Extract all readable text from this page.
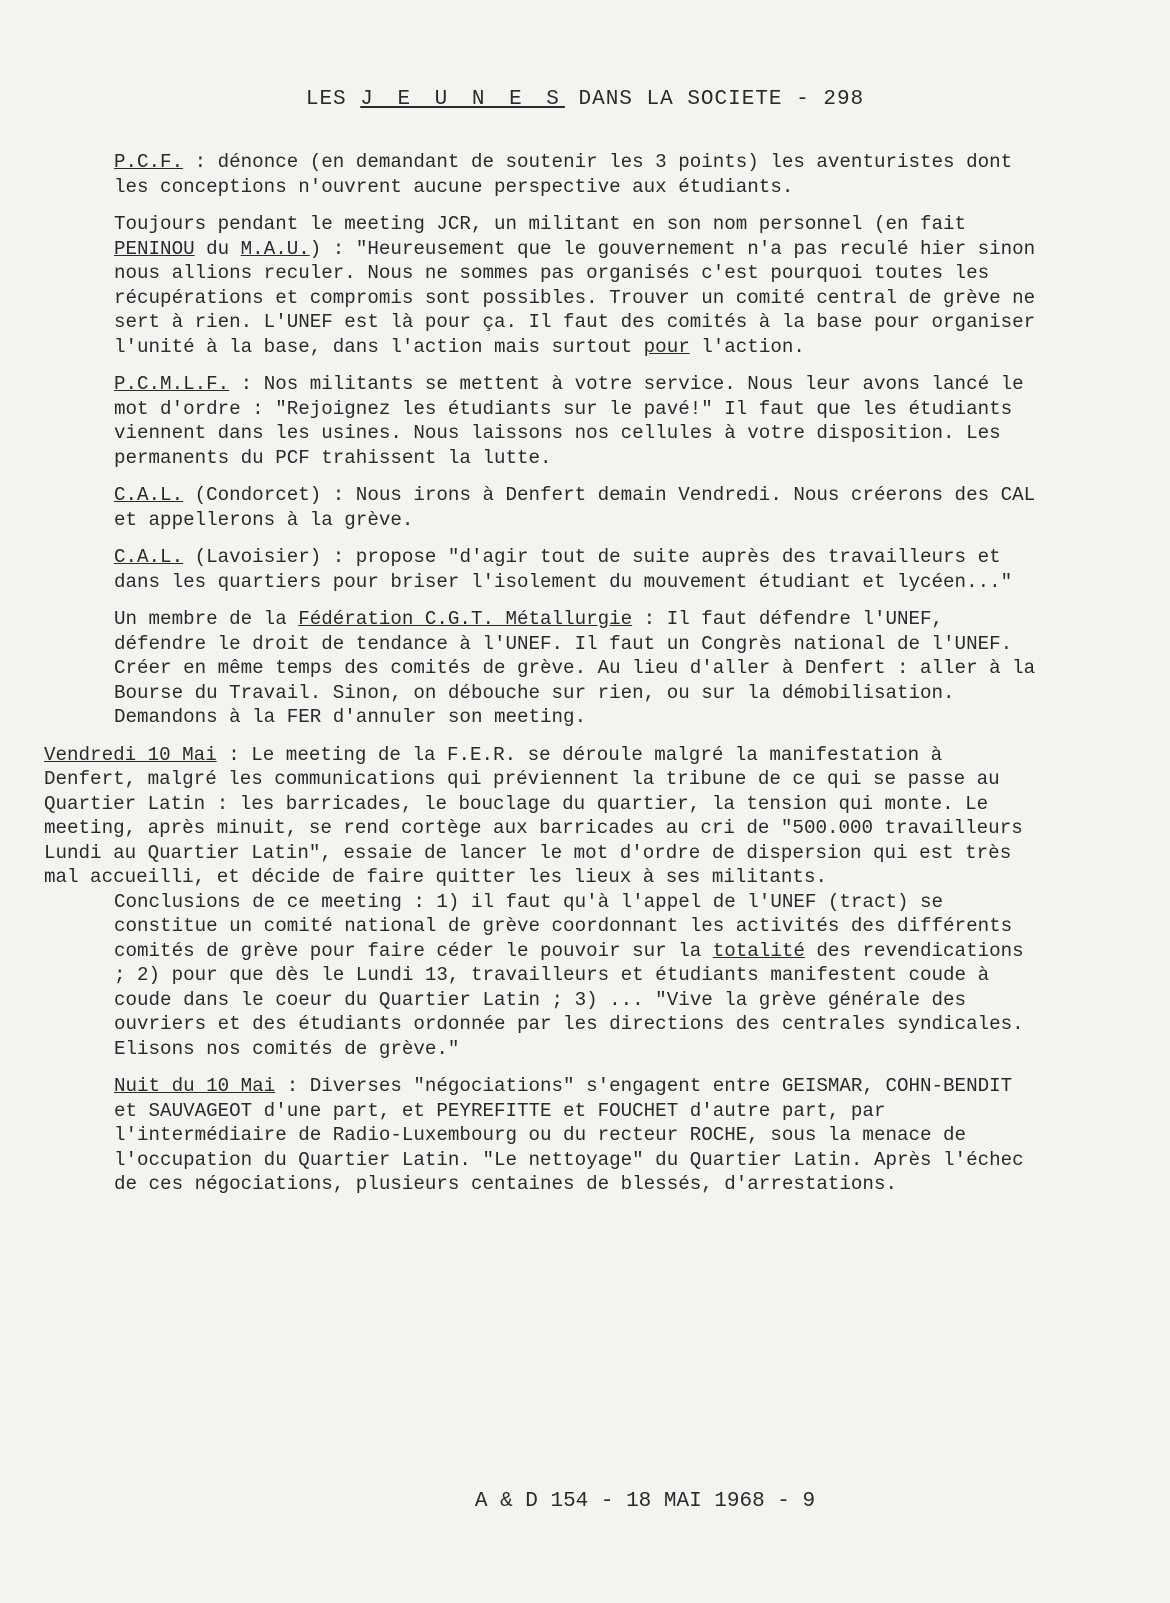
LES J E U N E S DANS LA SOCIETE - 298

P.C.F. : dénonce (en demandant de soutenir les 3 points) les aventuristes dont les conceptions n'ouvrent aucune perspective aux étudiants.

Toujours pendant le meeting JCR, un militant en son nom personnel (en fait PENINOU du M.A.U.) : "Heureusement que le gouvernement n'a pas reculé hier sinon nous allions reculer. Nous ne sommes pas organisés c'est pourquoi toutes les récupérations et compromis sont possibles. Trouver un comité central de grève ne sert à rien. L'UNEF est là pour ça. Il faut des comités à la base pour organiser l'unité à la base, dans l'action mais surtout pour l'action.

P.C.M.L.F. : Nos militants se mettent à votre service. Nous leur avons lancé le mot d'ordre : "Rejoignez les étudiants sur le pavé!" Il faut que les étudiants viennent dans les usines. Nous laissons nos cellules à votre disposition. Les permanents du PCF trahissent la lutte.

C.A.L. (Condorcet) : Nous irons à Denfert demain Vendredi. Nous créerons des CAL et appellerons à la grève.

C.A.L. (Lavoisier) : propose "d'agir tout de suite auprès des travailleurs et dans les quartiers pour briser l'isolement du mouvement étudiant et lycéen..."

Un membre de la Fédération C.G.T. Métallurgie : Il faut défendre l'UNEF, défendre le droit de tendance à l'UNEF. Il faut un Congrès national de l'UNEF. Créer en même temps des comités de grève. Au lieu d'aller à Denfert : aller à la Bourse du Travail. Sinon, on débouche sur rien, ou sur la démobilisation. Demandons à la FER d'annuler son meeting.

Vendredi 10 Mai : Le meeting de la F.E.R. se déroule malgré la manifestation à Denfert, malgré les communications qui préviennent la tribune de ce qui se passe au Quartier Latin : les barricades, le bouclage du quartier, la tension qui monte. Le meeting, après minuit, se rend cortège aux barricades au cri de "500.000 travailleurs Lundi au Quartier Latin", essaie de lancer le mot d'ordre de dispersion qui est très mal accueilli, et décide de faire quitter les lieux à ses militants.

Conclusions de ce meeting : 1) il faut qu'à l'appel de l'UNEF (tract) se constitue un comité national de grève coordonnant les activités des différents comités de grève pour faire céder le pouvoir sur la totalité des revendications ; 2) pour que dès le Lundi 13, travailleurs et étudiants manifestent coude à coude dans le coeur du Quartier Latin ; 3) ... "Vive la grève générale des ouvriers et des étudiants ordonnée par les directions des centrales syndicales. Elisons nos comités de grève."

Nuit du 10 Mai : Diverses "négociations" s'engagent entre GEISMAR, COHN-BENDIT et SAUVAGEOT d'une part, et PEYREFITTE et FOUCHET d'autre part, par l'intermédiaire de Radio-Luxembourg ou du recteur ROCHE, sous la menace de l'occupation du Quartier Latin. "Le nettoyage" du Quartier Latin. Après l'échec de ces négociations, plusieurs centaines de blessés, d'arrestations.

A & D 154 - 18 MAI 1968 - 9
